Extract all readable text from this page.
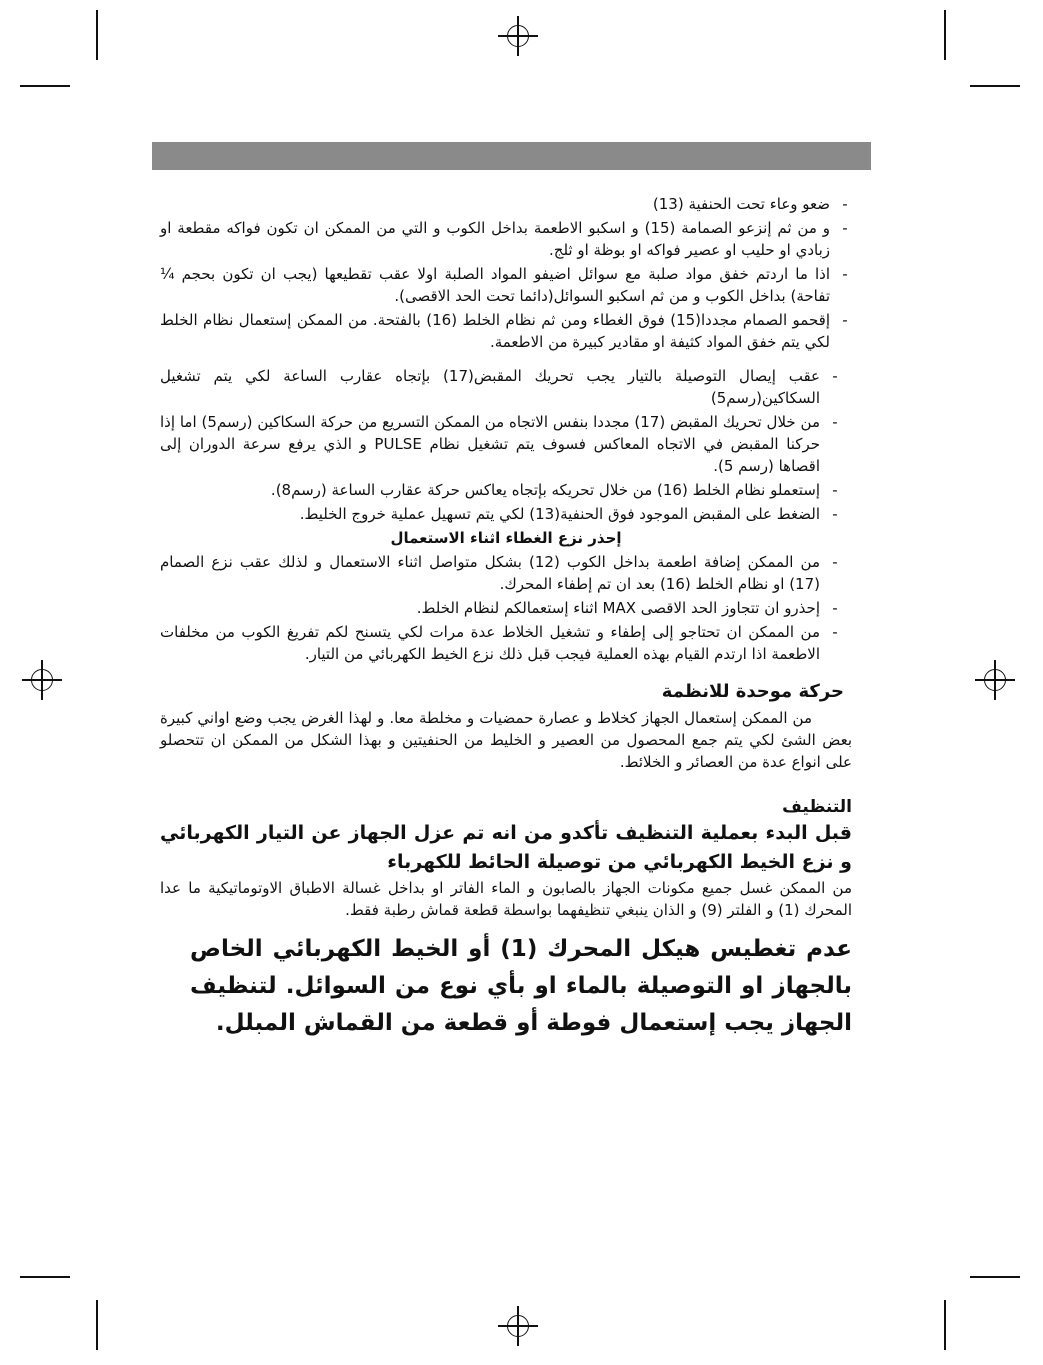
-
ضعو وعاء تحت الحنفية (13)
-
و من ثم إنزعو الصمامة (15) و اسكبو الاطعمة بداخل الكوب و التي من الممكن ان تكون فواكه مقطعة او زبادي او حليب او عصير فواكه او بوظة او ثلج.
-
اذا ما اردتم خفق مواد صلبة مع سوائل اضيفو المواد الصلبة اولا عقب تقطيعها (يجب ان تكون بحجم ¼ تفاحة) بداخل الكوب و من ثم اسكبو السوائل(دائما تحت الحد الاقصى).
-
إقحمو الصمام مجددا(15) فوق الغطاء ومن ثم نظام الخلط (16) بالفتحة. من الممكن إستعمال نظام الخلط لكي يتم خفق المواد كثيفة او مقادير كبيرة من الاطعمة.
-
عقب إيصال التوصيلة بالتيار يجب تحريك المقبض(17) بإتجاه عقارب الساعة لكي يتم تشغيل السكاكين(رسم5)
-
من خلال تحريك المقبض (17) مجددا بنفس الاتجاه من الممكن التسريع من حركة السكاكين (رسم5) اما إذا حركنا المقبض في الاتجاه المعاكس فسوف يتم تشغيل نظام PULSE و الذي يرفع سرعة الدوران إلى اقصاها (رسم 5).
-
إستعملو نظام الخلط (16) من خلال تحريكه بإتجاه يعاكس حركة عقارب الساعة (رسم8).
-
الضغط على المقبض الموجود فوق الحنفية(13) لكي يتم تسهيل عملية خروج الخليط.
إحذر نزع الغطاء اثناء الاستعمال
-
من الممكن إضافة اطعمة بداخل الكوب (12) بشكل متواصل اثناء الاستعمال و لذلك عقب نزع الصمام (17) او نظام الخلط (16) بعد ان تم إطفاء المحرك.
-
إحذرو ان تتجاوز الحد الاقصى MAX اثناء إستعمالكم لنظام الخلط.
-
من الممكن ان تحتاجو إلى إطفاء و تشغيل الخلاط عدة مرات لكي يتسنح لكم تفريغ الكوب من مخلفات الاطعمة اذا ارتدم القيام بهذه العملية فيجب قبل ذلك نزع الخيط الكهربائي من التيار.
حركة موحدة للانظمة

من الممكن إستعمال الجهاز كخلاط و عصارة حمضيات و مخلطة معا. و لهذا الغرض يجب وضع اواني كبيرة بعض الشئ لكي يتم جمع المحصول من العصير و الخليط من الحنفيتين و بهذا الشكل من الممكن ان تتحصلو على انواع عدة من العصائر و الخلائط.

التنظيف

قبل البدء بعملية التنظيف تأكدو من انه تم عزل الجهاز عن التيار الكهربائي و نزع الخيط الكهربائي من توصيلة الحائط للكهرباء

من الممكن غسل جميع مكونات الجهاز بالصابون و الماء الفاتر او بداخل غسالة الاطباق الاوتوماتيكية ما عدا المحرك (1) و الفلتر (9) و الذان ينبغي تنظيفهما بواسطة قطعة قماش رطبة فقط.

عدم تغطيس هيكل المحرك (1) أو الخيط الكهربائي الخاص بالجهاز او التوصيلة بالماء او بأي نوع من السوائل. لتنظيف الجهاز يجب إستعمال فوطة أو قطعة من القماش المبلل.
